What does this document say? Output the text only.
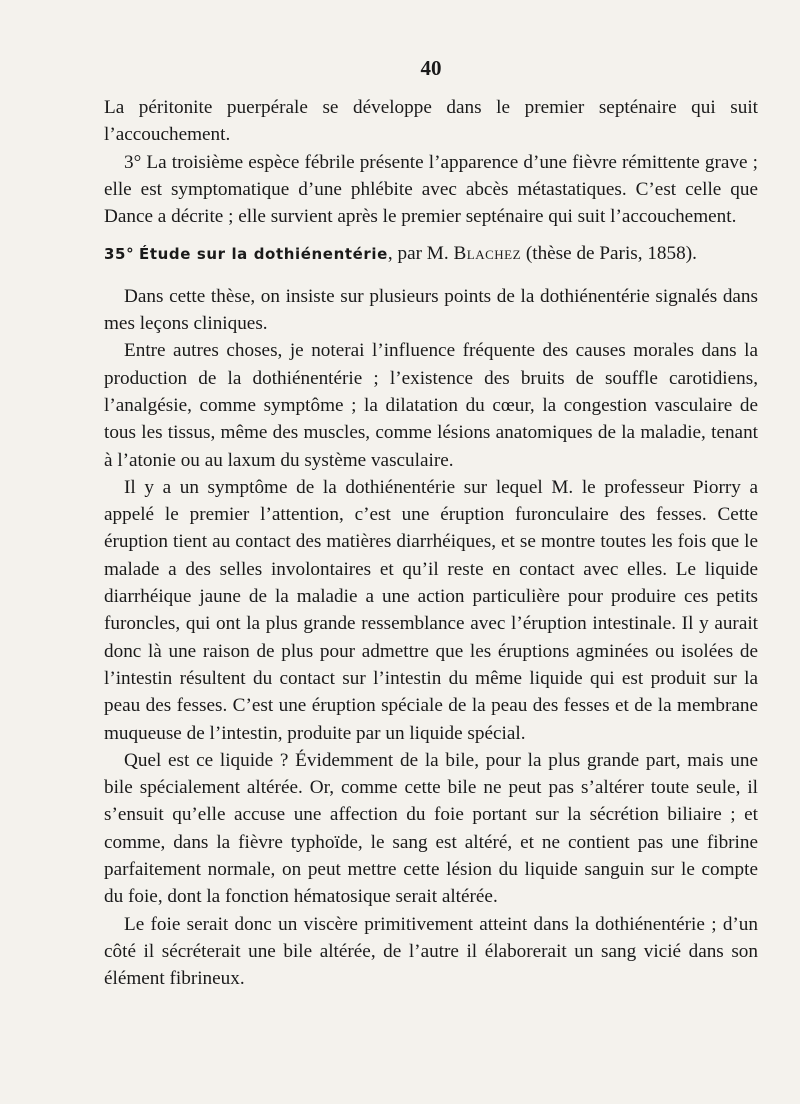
40

La péritonite puerpérale se développe dans le premier septénaire qui suit l’accouchement.

3° La troisième espèce fébrile présente l’apparence d’une fièvre rémittente grave ; elle est symptomatique d’une phlébite avec abcès métastatiques. C’est celle que Dance a décrite ; elle survient après le premier septénaire qui suit l’accouchement.

35° Étude sur la dothiénentérie, par M. Blachez (thèse de Paris, 1858).

Dans cette thèse, on insiste sur plusieurs points de la dothiénentérie signalés dans mes leçons cliniques.

Entre autres choses, je noterai l’influence fréquente des causes morales dans la production de la dothiénentérie ; l’existence des bruits de souffle carotidiens, l’analgésie, comme symptôme ; la dilatation du cœur, la congestion vasculaire de tous les tissus, même des muscles, comme lésions anatomiques de la maladie, tenant à l’atonie ou au laxum du système vasculaire.

Il y a un symptôme de la dothiénentérie sur lequel M. le professeur Piorry a appelé le premier l’attention, c’est une éruption furonculaire des fesses. Cette éruption tient au contact des matières diarrhéiques, et se montre toutes les fois que le malade a des selles involontaires et qu’il reste en contact avec elles. Le liquide diarrhéique jaune de la maladie a une action particulière pour produire ces petits furoncles, qui ont la plus grande ressemblance avec l’éruption intestinale. Il y aurait donc là une raison de plus pour admettre que les éruptions agminées ou isolées de l’intestin résultent du contact sur l’intestin du même liquide qui est produit sur la peau des fesses. C’est une éruption spéciale de la peau des fesses et de la membrane muqueuse de l’intestin, produite par un liquide spécial.

Quel est ce liquide ? Évidemment de la bile, pour la plus grande part, mais une bile spécialement altérée. Or, comme cette bile ne peut pas s’altérer toute seule, il s’ensuit qu’elle accuse une affection du foie portant sur la sécrétion biliaire ; et comme, dans la fièvre typhoïde, le sang est altéré, et ne contient pas une fibrine parfaitement normale, on peut mettre cette lésion du liquide sanguin sur le compte du foie, dont la fonction hématosique serait altérée.

Le foie serait donc un viscère primitivement atteint dans la dothiénentérie ; d’un côté il sécréterait une bile altérée, de l’autre il élaborerait un sang vicié dans son élément fibrineux.
